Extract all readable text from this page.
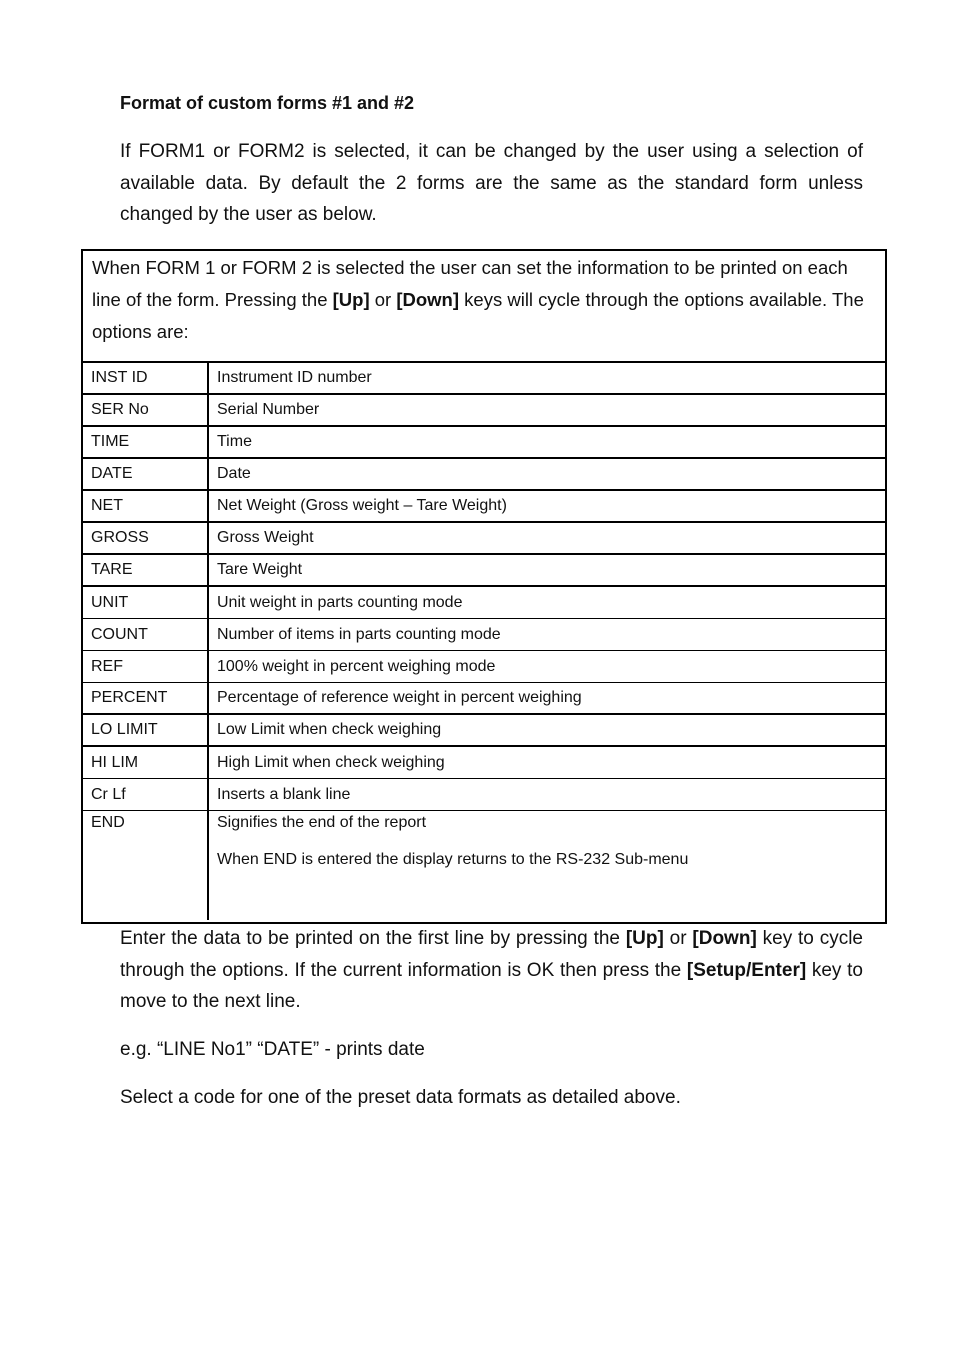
Format of custom forms #1 and #2
If FORM1 or FORM2 is selected, it can be changed by the user using a selection of available data. By default the 2 forms are the same as the standard form unless changed by the user as below.
When FORM 1 or FORM 2 is selected the user can set the information to be printed on each line of the form. Pressing the [Up] or [Down] keys will cycle through the options available. The options are:
INST ID	Instrument ID number
SER No	Serial Number
TIME	Time
DATE	Date
NET	Net Weight (Gross weight – Tare Weight)
GROSS	Gross Weight
TARE	Tare Weight
UNIT	Unit weight in parts counting mode
COUNT	Number of items in parts counting mode
REF	100% weight in percent weighing mode
PERCENT	Percentage of reference weight in percent weighing
LO LIMIT	Low Limit when check weighing
HI LIM	High Limit when check weighing
Cr Lf	Inserts a blank line
END	Signifies the end of the report
When END is entered the display returns to the RS-232 Sub-menu
Enter the data to be printed on the first line by pressing the [Up] or [Down] key to cycle through the options. If the current information is OK then press the [Setup/Enter] key to move to the next line.
e.g. “LINE No1” “DATE” - prints date
Select a code for one of the preset data formats as detailed above.
